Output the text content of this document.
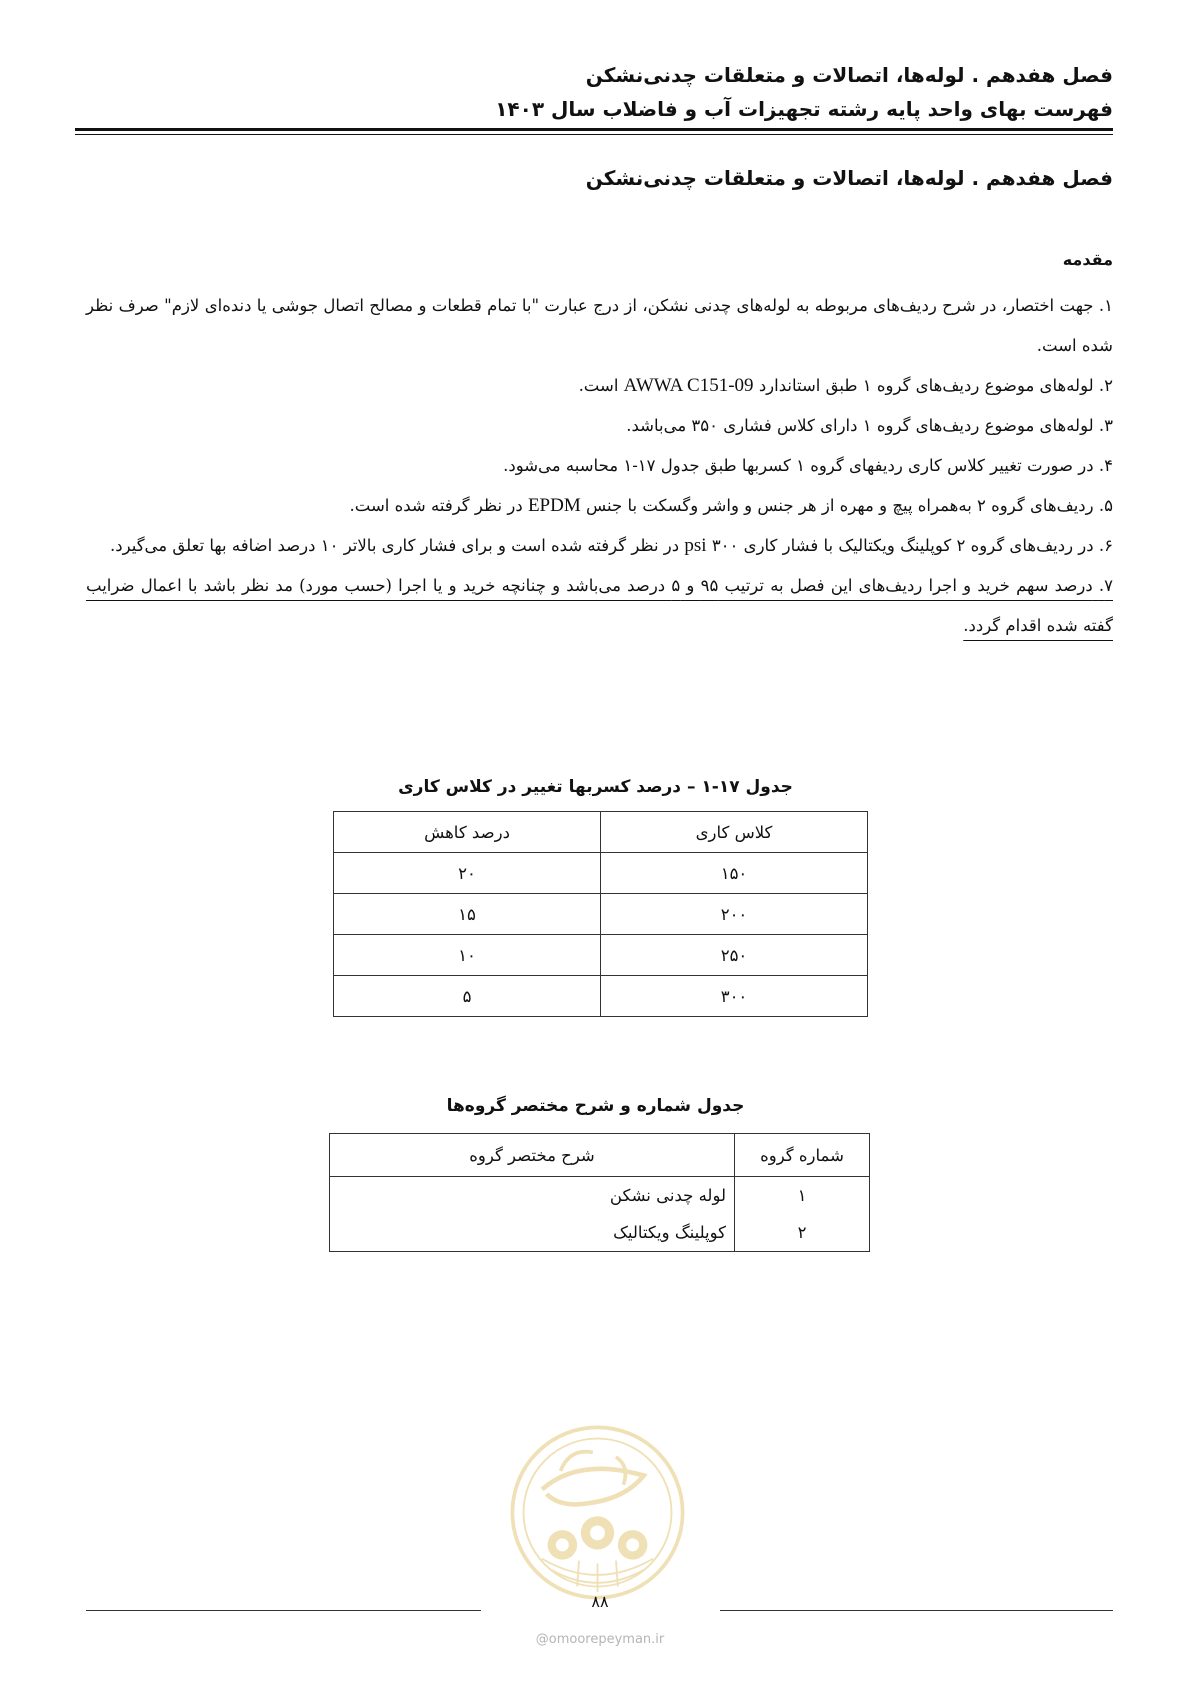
فصل هفدهم . لوله‌ها، اتصالات و متعلقات چدنی‌نشکن

فهرست بهای واحد پایه رشته تجهیزات آب و فاضلاب سال ۱۴۰۳

فصل هفدهم . لوله‌ها، اتصالات و متعلقات چدنی‌نشکن
مقدمه
۱. جهت اختصار، در شرح ردیف‌های مربوطه به لوله‌های چدنی نشکن، از درج عبارت "با تمام قطعات و مصالح اتصال جوشی یا دنده‌ای لازم" صرف نظر شده است.
۲. لوله‌های موضوع ردیف‌های گروه ۱ طبق استاندارد AWWA C151-09 است.
۳. لوله‌های موضوع ردیف‌های گروه ۱ دارای کلاس فشاری ۳۵۰ می‌باشد.
۴. در صورت تغییر کلاس کاری ردیفهای گروه ۱ کسربها طبق جدول ۱۷-۱ محاسبه می‌شود.
۵. ردیف‌های گروه ۲ به‌همراه پیچ و مهره از هر جنس و واشر وگسکت با جنس EPDM در نظر گرفته شده است.
۶. در ردیف‌های گروه ۲ کوپلینگ ویکتالیک با فشار کاری ۳۰۰ psi در نظر گرفته شده است و برای فشار کاری بالاتر ۱۰ درصد اضافه بها تعلق می‌گیرد.
۷. درصد سهم خرید و اجرا ردیف‌های این فصل به ترتیب ۹۵ و ۵ درصد می‌باشد و چنانچه خرید و یا اجرا (حسب مورد) مد نظر باشد با اعمال ضرایب گفته شده اقدام گردد.

جدول ۱۷-۱ – درصد کسربها تغییر در کلاس کاری

کلاس کاری	درصد کاهش
۱۵۰	۲۰
۲۰۰	۱۵
۲۵۰	۱۰
۳۰۰	۵

جدول شماره و شرح مختصر گروه‌ها

شماره گروه	شرح مختصر گروه
۱	لوله چدنی نشکن
۲	کوپلینگ ویکتالیک

۸۸

@omoorepeyman.ir
